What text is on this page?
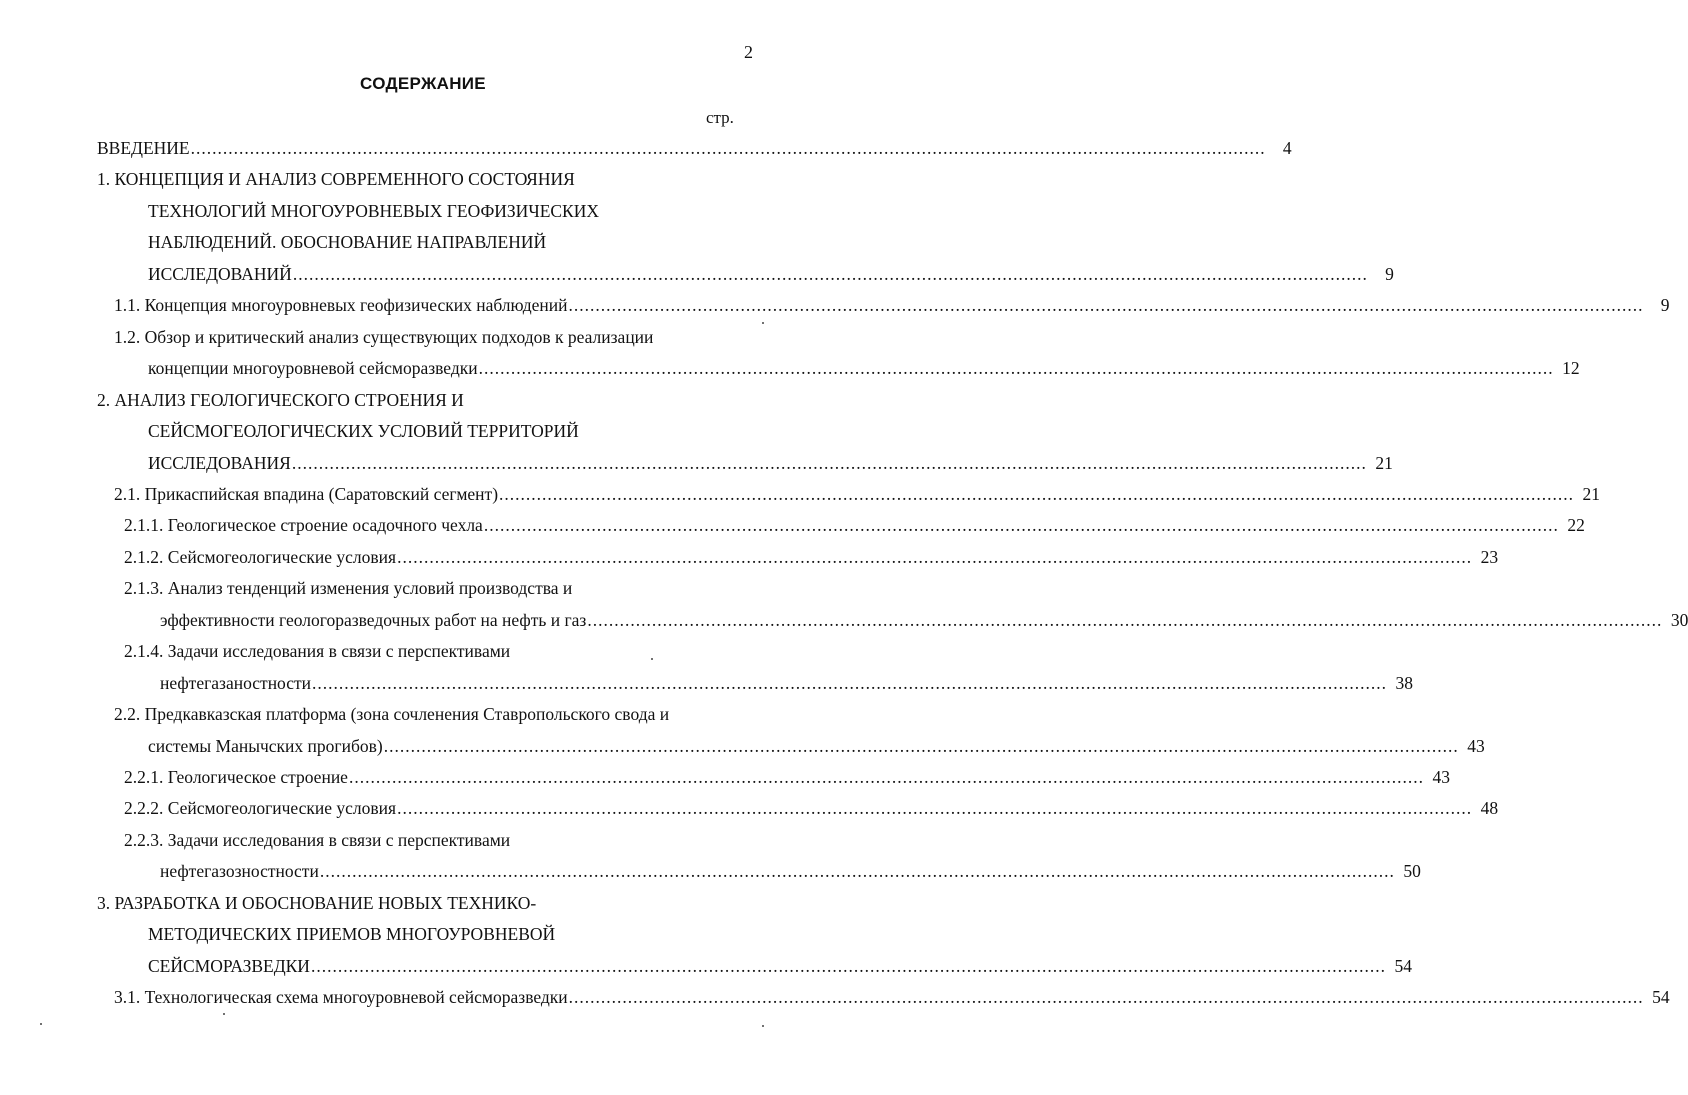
2
СОДЕРЖАНИЕ
стр.
ВВЕДЕНИЕ ........................................................................................................................................................................................................ 4
1. КОНЦЕПЦИЯ И АНАЛИЗ СОВРЕМЕННОГО СОСТОЯНИЯ
ТЕХНОЛОГИЙ МНОГОУРОВНЕВЫХ ГЕОФИЗИЧЕСКИХ
НАБЛЮДЕНИЙ. ОБОСНОВАНИЕ НАПРАВЛЕНИЙ
ИССЛЕДОВАНИЙ ........................................................................................................................................................................................................ 9
1.1. Концепция многоуровневых геофизических наблюдений ........................................................................................................................................................................................................ 9
1.2. Обзор и критический анализ существующих подходов к реализации
концепции многоуровневой сейсморазведки ........................................................................................................................................................................................................ 12
2. АНАЛИЗ ГЕОЛОГИЧЕСКОГО СТРОЕНИЯ И
СЕЙСМОГЕОЛОГИЧЕСКИХ УСЛОВИЙ ТЕРРИТОРИЙ
ИССЛЕДОВАНИЯ ........................................................................................................................................................................................................ 21
2.1. Прикаспийская впадина (Саратовский сегмент) ........................................................................................................................................................................................................ 21
2.1.1. Геологическое строение осадочного чехла ........................................................................................................................................................................................................ 22
2.1.2. Сейсмогеологические условия ........................................................................................................................................................................................................ 23
2.1.3. Анализ тенденций изменения условий производства и
эффективности геологоразведочных работ на нефть и газ ........................................................................................................................................................................................................ 30
2.1.4. Задачи исследования в связи с перспективами
нефтегазаностности ........................................................................................................................................................................................................ 38
2.2. Предкавказская платформа (зона сочленения Ставропольского свода и
системы Манычских прогибов) ........................................................................................................................................................................................................ 43
2.2.1. Геологическое строение ........................................................................................................................................................................................................ 43
2.2.2. Сейсмогеологические условия ........................................................................................................................................................................................................ 48
2.2.3. Задачи исследования в связи с перспективами
нефтегазозностности ........................................................................................................................................................................................................ 50
3. РАЗРАБОТКА И ОБОСНОВАНИЕ НОВЫХ ТЕХНИКО-
МЕТОДИЧЕСКИХ ПРИЕМОВ МНОГОУРОВНЕВОЙ
СЕЙСМОРАЗВЕДКИ ........................................................................................................................................................................................................ 54
3.1. Технологическая схема многоуровневой сейсморазведки ........................................................................................................................................................................................................ 54
